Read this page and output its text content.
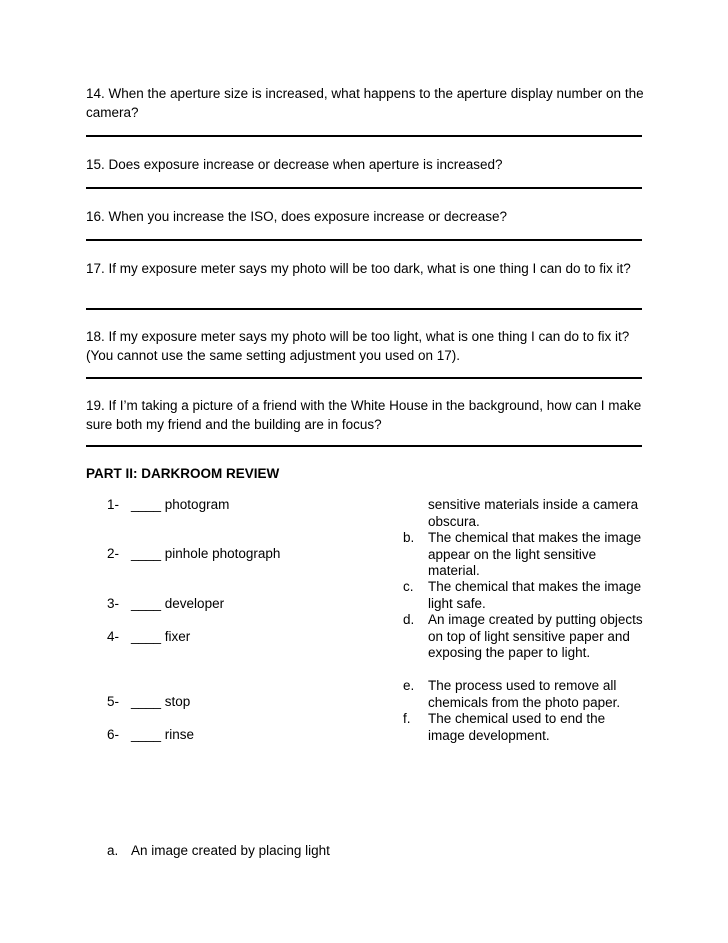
14. When the aperture size is increased, what happens to the aperture display number on the camera?
15. Does exposure increase or decrease when aperture is increased?
16. When you increase the ISO, does exposure increase or decrease?
17. If my exposure meter says my photo will be too dark, what is one thing I can do to fix it?
18. If my exposure meter says my photo will be too light, what is one thing I can do to fix it? (You cannot use the same setting adjustment you used on 17).
19. If I’m taking a picture of a friend with the White House in the background, how can I make sure both my friend and the building are in focus?
PART II: DARKROOM REVIEW
1- ____ photogram
2- ____ pinhole photograph
3- ____ developer
4- ____ fixer
5- ____ stop
6- ____ rinse
a. An image created by placing light
sensitive materials inside a camera obscura.
b. The chemical that makes the image appear on the light sensitive material.
c. The chemical that makes the image light safe.
d. An image created by putting objects on top of light sensitive paper and exposing the paper to light.
e. The process used to remove all chemicals from the photo paper.
f. The chemical used to end the image development.
